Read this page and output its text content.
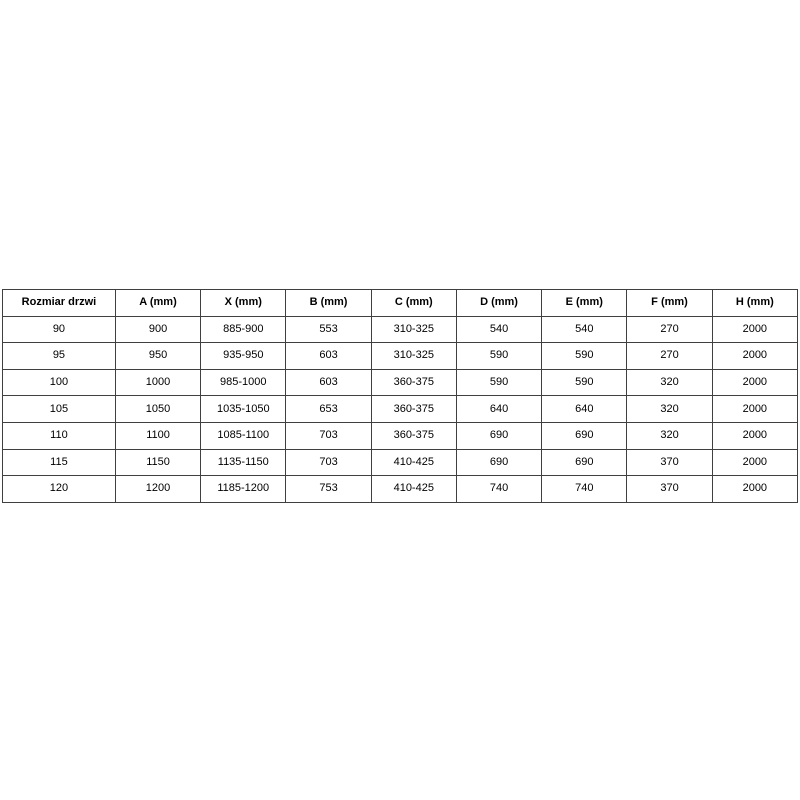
Rozmiar drzwi	A (mm)	X (mm)	B (mm)	C (mm)	D (mm)	E (mm)	F (mm)	H (mm)
90	900	885-900	553	310-325	540	540	270	2000
95	950	935-950	603	310-325	590	590	270	2000
100	1000	985-1000	603	360-375	590	590	320	2000
105	1050	1035-1050	653	360-375	640	640	320	2000
110	1100	1085-1100	703	360-375	690	690	320	2000
115	1150	1135-1150	703	410-425	690	690	370	2000
120	1200	1185-1200	753	410-425	740	740	370	2000
